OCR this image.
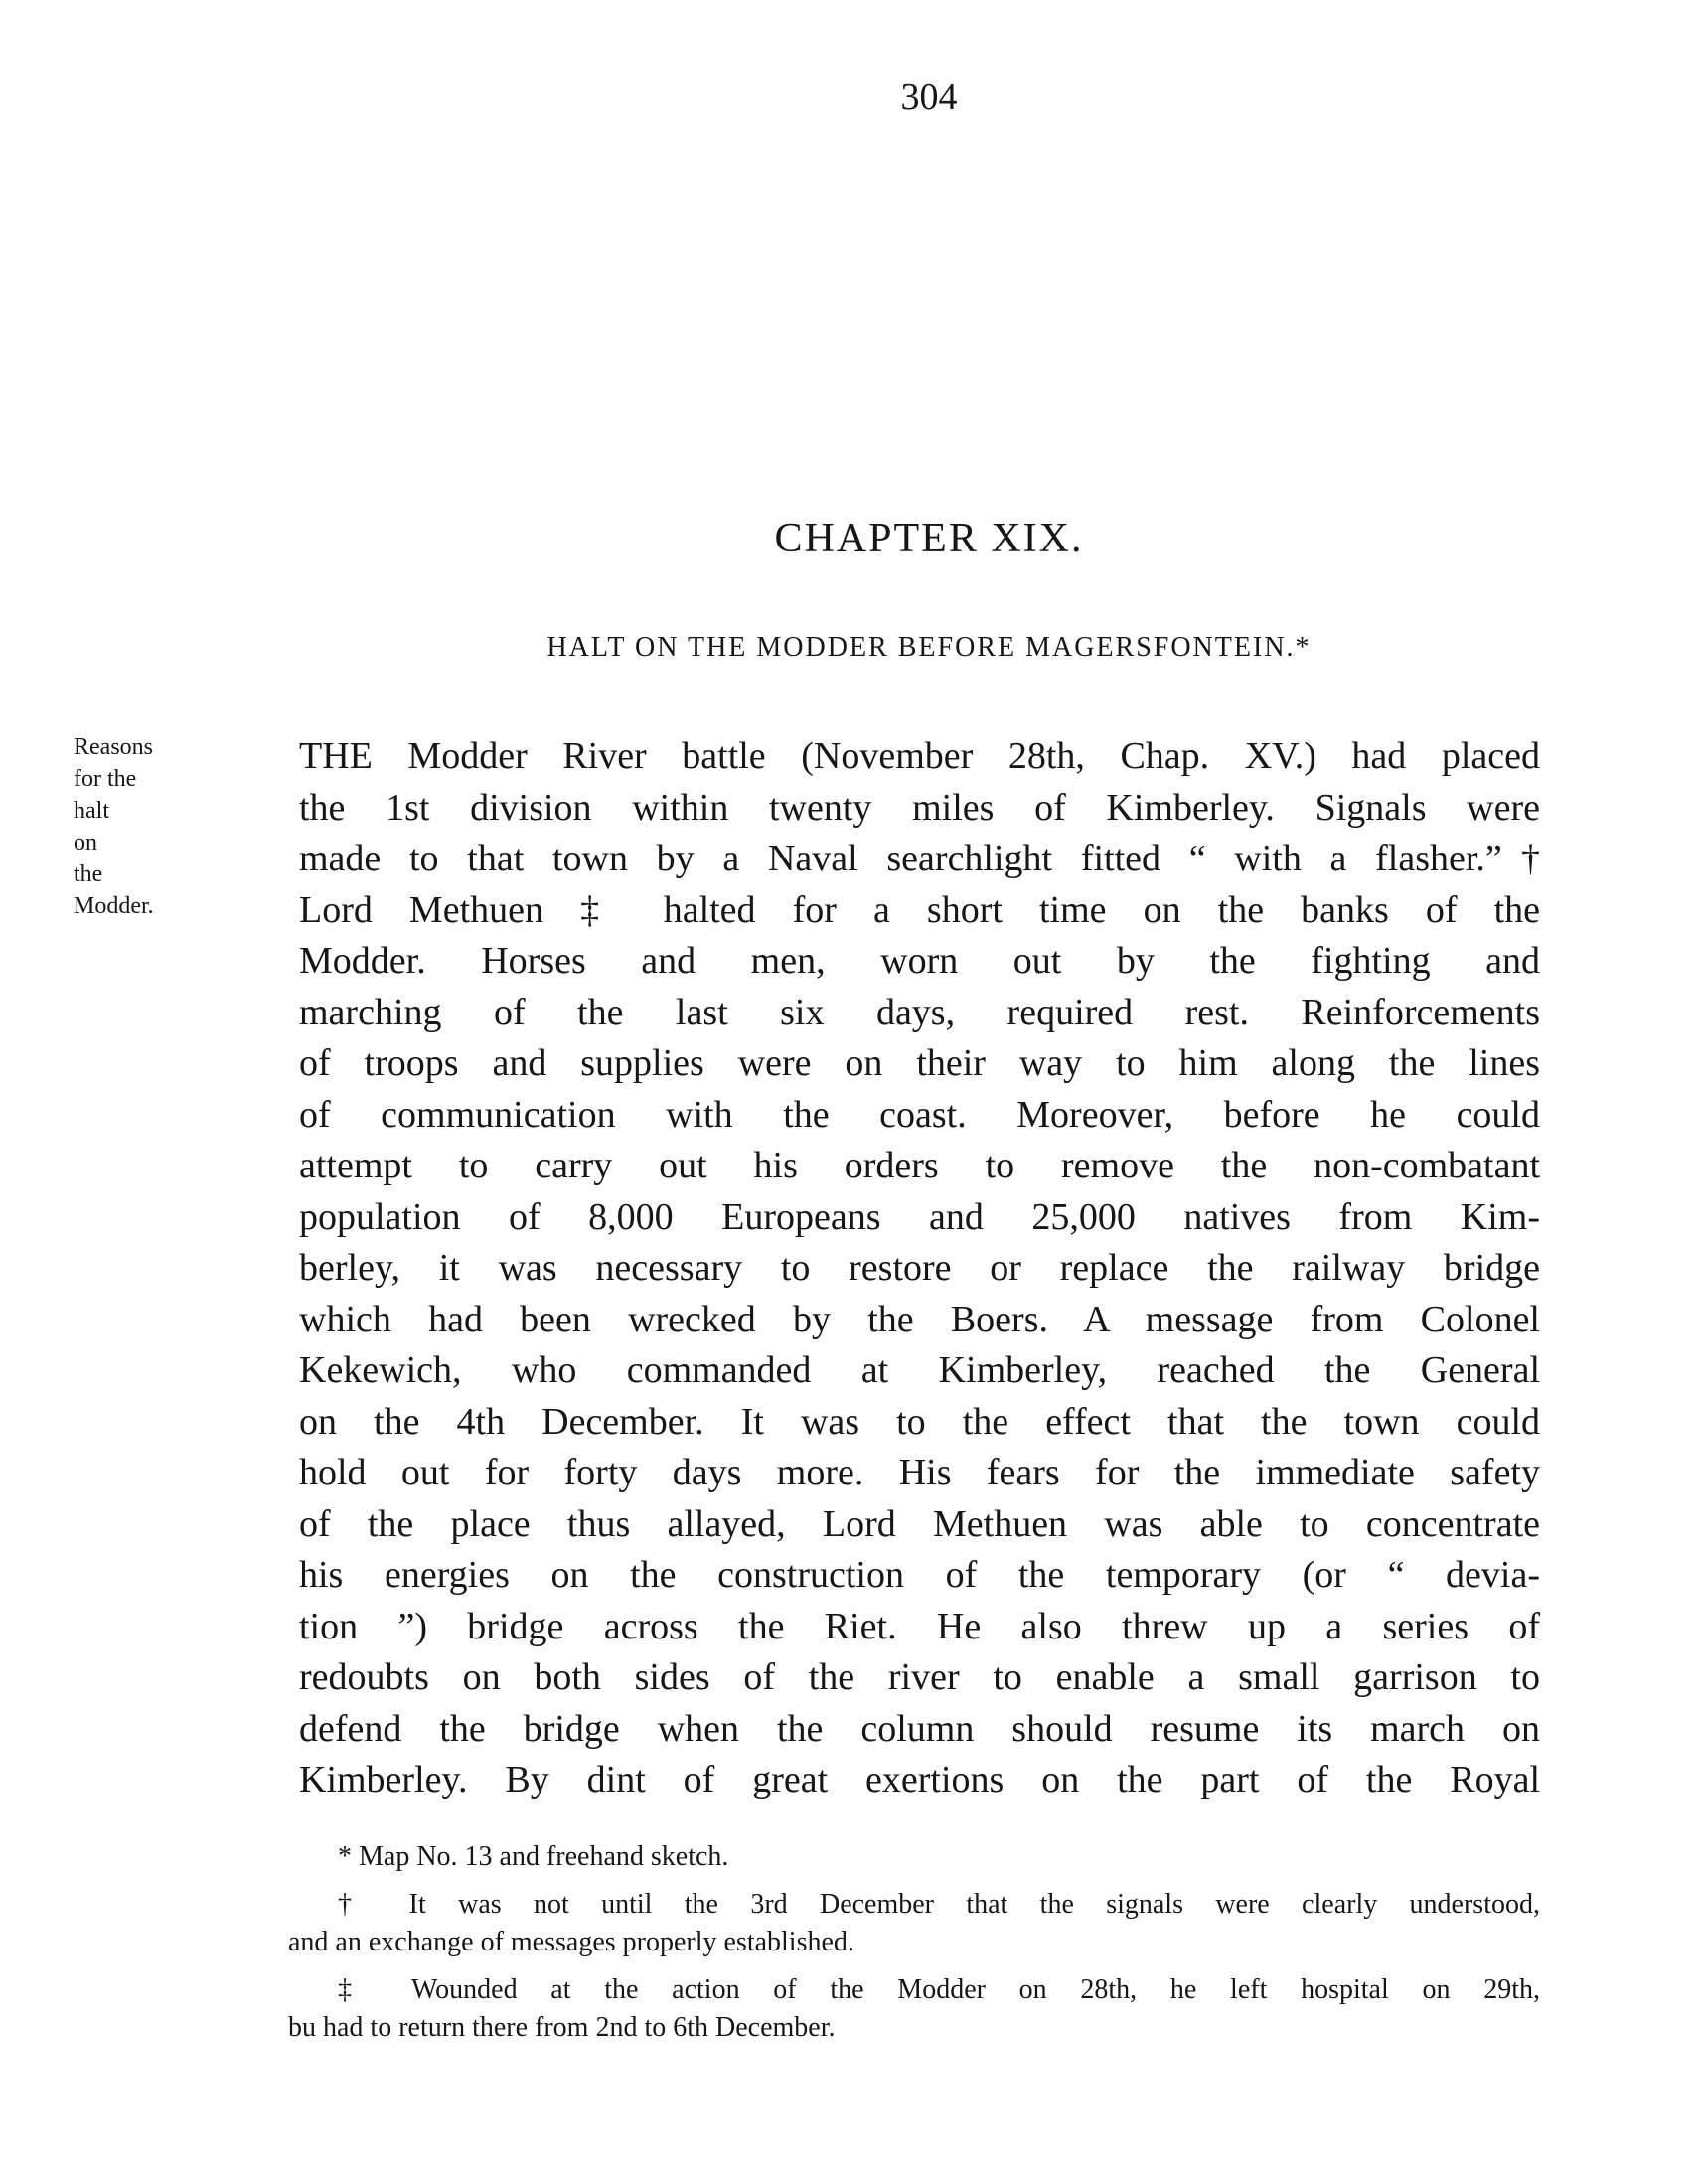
304
CHAPTER XIX.
HALT ON THE MODDER BEFORE MAGERSFONTEIN.*
Reasons
for the
halt
on
the
Modder.
THE Modder River battle (November 28th, Chap. XV.) had placed
the 1st division within twenty miles of Kimberley. Signals were
made to that town by a Naval searchlight fitted “ with a flasher.”†
Lord Methuen ‡ halted for a short time on the banks of the
Modder. Horses and men, worn out by the fighting and
marching of the last six days, required rest. Reinforcements
of troops and supplies were on their way to him along the lines
of communication with the coast. Moreover, before he could
attempt to carry out his orders to remove the non-combatant
population of 8,000 Europeans and 25,000 natives from Kim-
berley, it was necessary to restore or replace the railway bridge
which had been wrecked by the Boers. A message from Colonel
Kekewich, who commanded at Kimberley, reached the General
on the 4th December. It was to the effect that the town could
hold out for forty days more. His fears for the immediate safety
of the place thus allayed, Lord Methuen was able to concentrate
his energies on the construction of the temporary (or “ devia-
tion ”) bridge across the Riet. He also threw up a series of
redoubts on both sides of the river to enable a small garrison to
defend the bridge when the column should resume its march on
Kimberley. By dint of great exertions on the part of the Royal
* Map No. 13 and freehand sketch.
† It was not until the 3rd December that the signals were clearly understood,
and an exchange of messages properly established.
‡ Wounded at the action of the Modder on 28th, he left hospital on 29th,
bu had to return there from 2nd to 6th December.
